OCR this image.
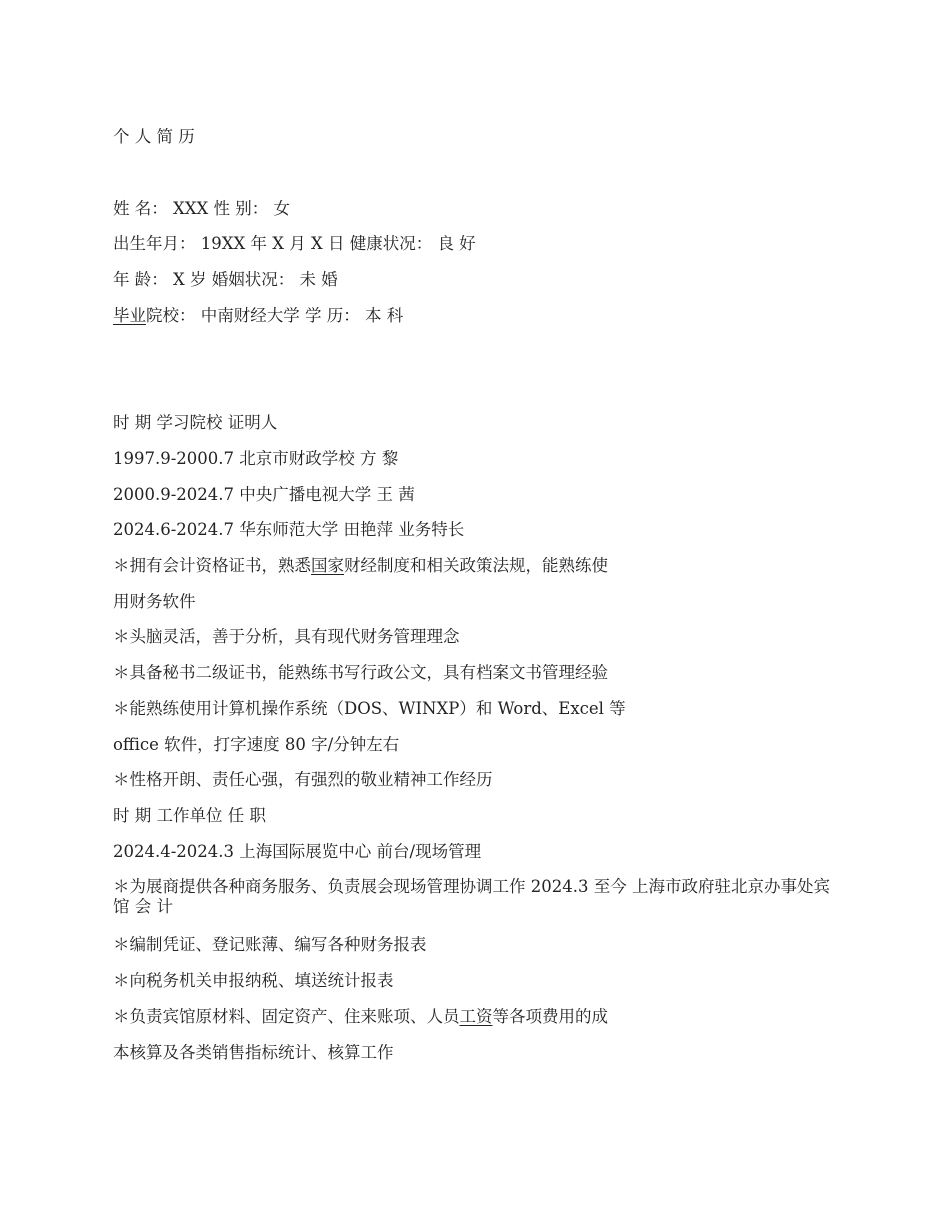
个 人 简 历
姓 名： XXX 性 别： 女
出生年月： 19XX 年 X 月 X 日 健康状况： 良 好
年 龄： X 岁 婚姻状况： 未 婚
毕业院校： 中南财经大学 学 历： 本 科
时 期 学习院校 证明人
1997.9-2000.7 北京市财政学校 方 黎
2000.9-2024.7 中央广播电视大学 王 茜
2024.6-2024.7 华东师范大学 田艳萍 业务特长
＊拥有会计资格证书，熟悉国家财经制度和相关政策法规，能熟练使
用财务软件
＊头脑灵活，善于分析，具有现代财务管理理念
＊具备秘书二级证书，能熟练书写行政公文，具有档案文书管理经验
＊能熟练使用计算机操作系统（DOS、WINXP）和 Word、Excel 等
office 软件，打字速度 80 字/分钟左右
＊性格开朗、责任心强，有强烈的敬业精神工作经历
时 期 工作单位 任 职
2024.4-2024.3 上海国际展览中心 前台/现场管理
＊为展商提供各种商务服务、负责展会现场管理协调工作 2024.3 至今 上海市政府驻北京办事处宾馆 会 计
＊编制凭证、登记账薄、编写各种财务报表
＊向税务机关申报纳税、填送统计报表
＊负责宾馆原材料、固定资产、住来账项、人员工资等各项费用的成
本核算及各类销售指标统计、核算工作
